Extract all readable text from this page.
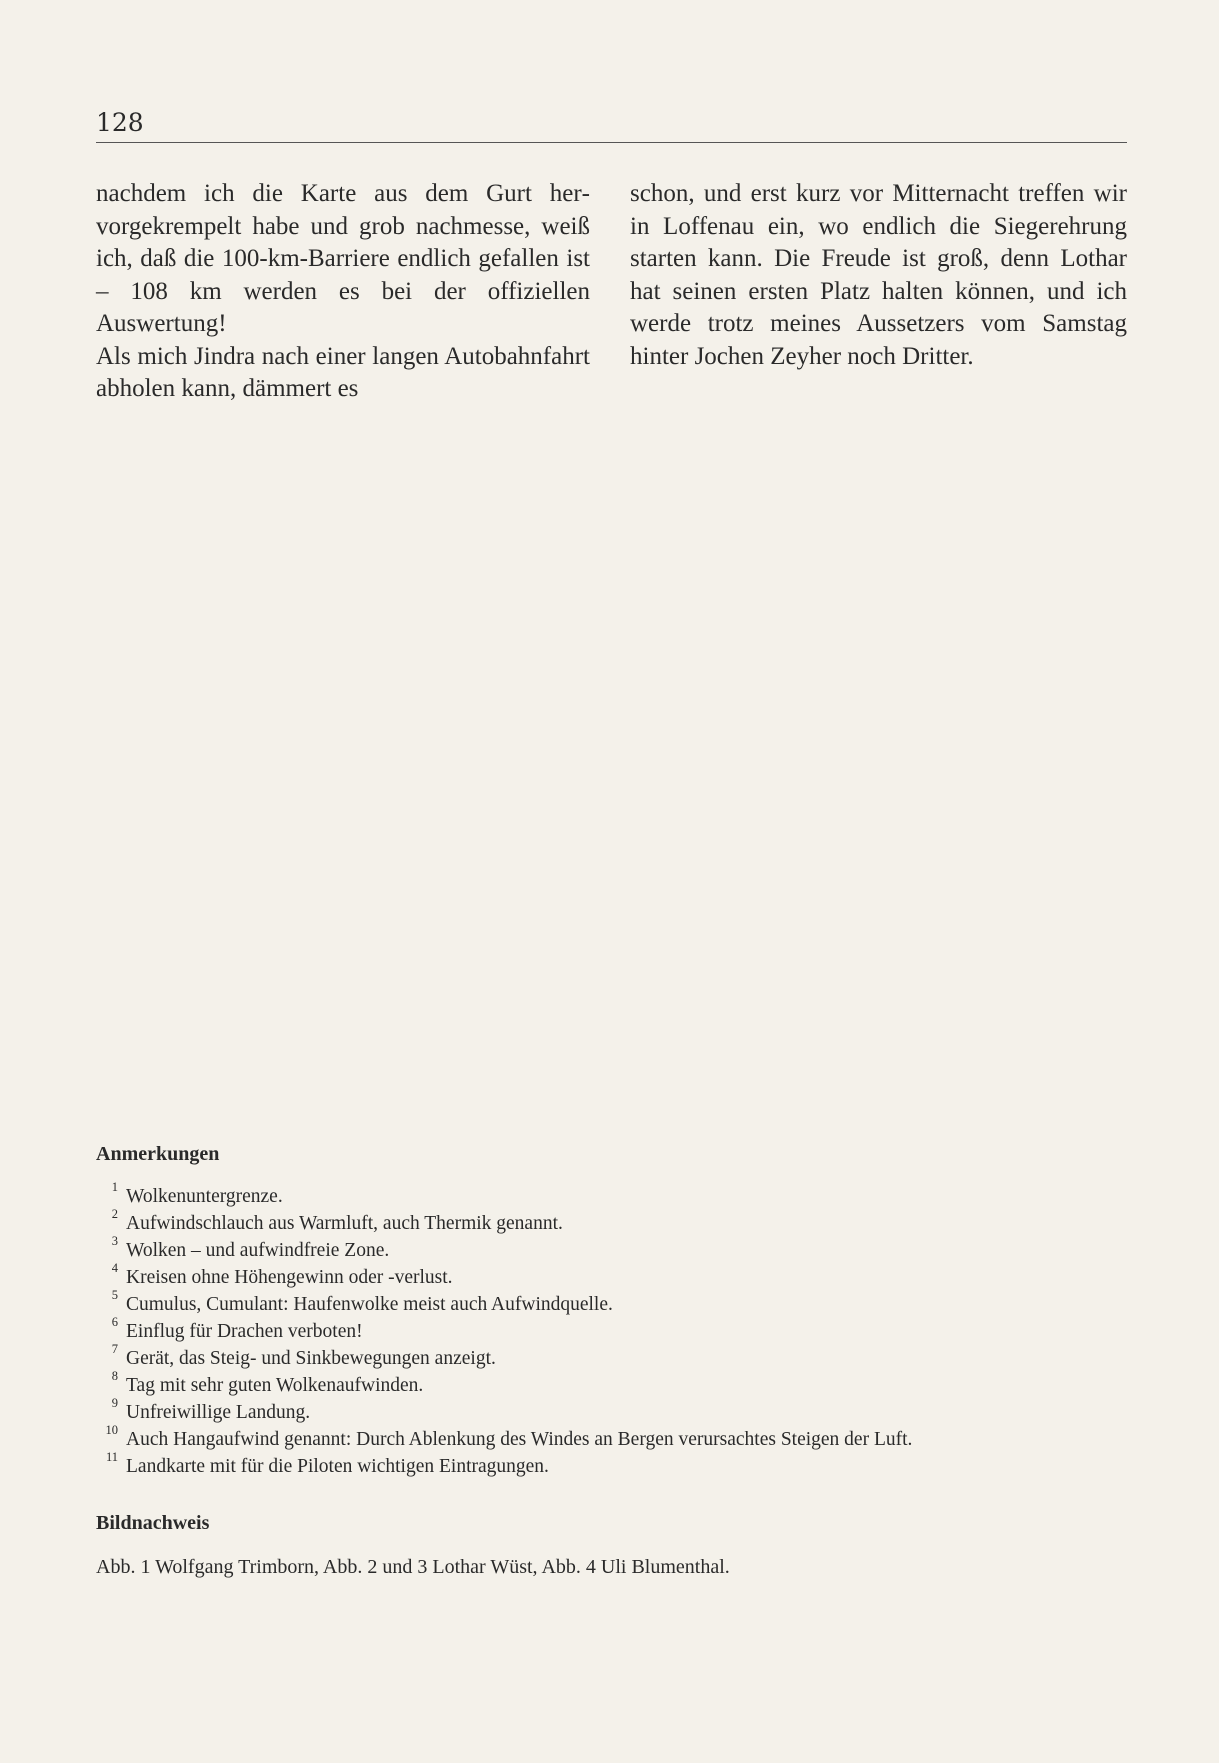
128

nachdem ich die Karte aus dem Gurt hervorgekrempelt habe und grob nachmesse, weiß ich, daß die 100-km-Barriere endlich gefallen ist – 108 km werden es bei der offiziellen Auswertung!

Als mich Jindra nach einer langen Autobahnfahrt abholen kann, dämmert es

schon, und erst kurz vor Mitternacht treffen wir in Loffenau ein, wo endlich die Siegerehrung starten kann. Die Freude ist groß, denn Lothar hat seinen ersten Platz halten können, und ich werde trotz meines Aussetzers vom Samstag hinter Jochen Zeyher noch Dritter.

Anmerkungen
1 Wolkenuntergrenze.
2 Aufwindschlauch aus Warmluft, auch Thermik genannt.
3 Wolken – und aufwindfreie Zone.
4 Kreisen ohne Höhengewinn oder -verlust.
5 Cumulus, Cumulant: Haufenwolke meist auch Aufwindquelle.
6 Einflug für Drachen verboten!
7 Gerät, das Steig- und Sinkbewegungen anzeigt.
8 Tag mit sehr guten Wolkenaufwinden.
9 Unfreiwillige Landung.
10 Auch Hangaufwind genannt: Durch Ablenkung des Windes an Bergen verursachtes Steigen der Luft.
11 Landkarte mit für die Piloten wichtigen Eintragungen.
Bildnachweis
Abb. 1 Wolfgang Trimborn, Abb. 2 und 3 Lothar Wüst, Abb. 4 Uli Blumenthal.
